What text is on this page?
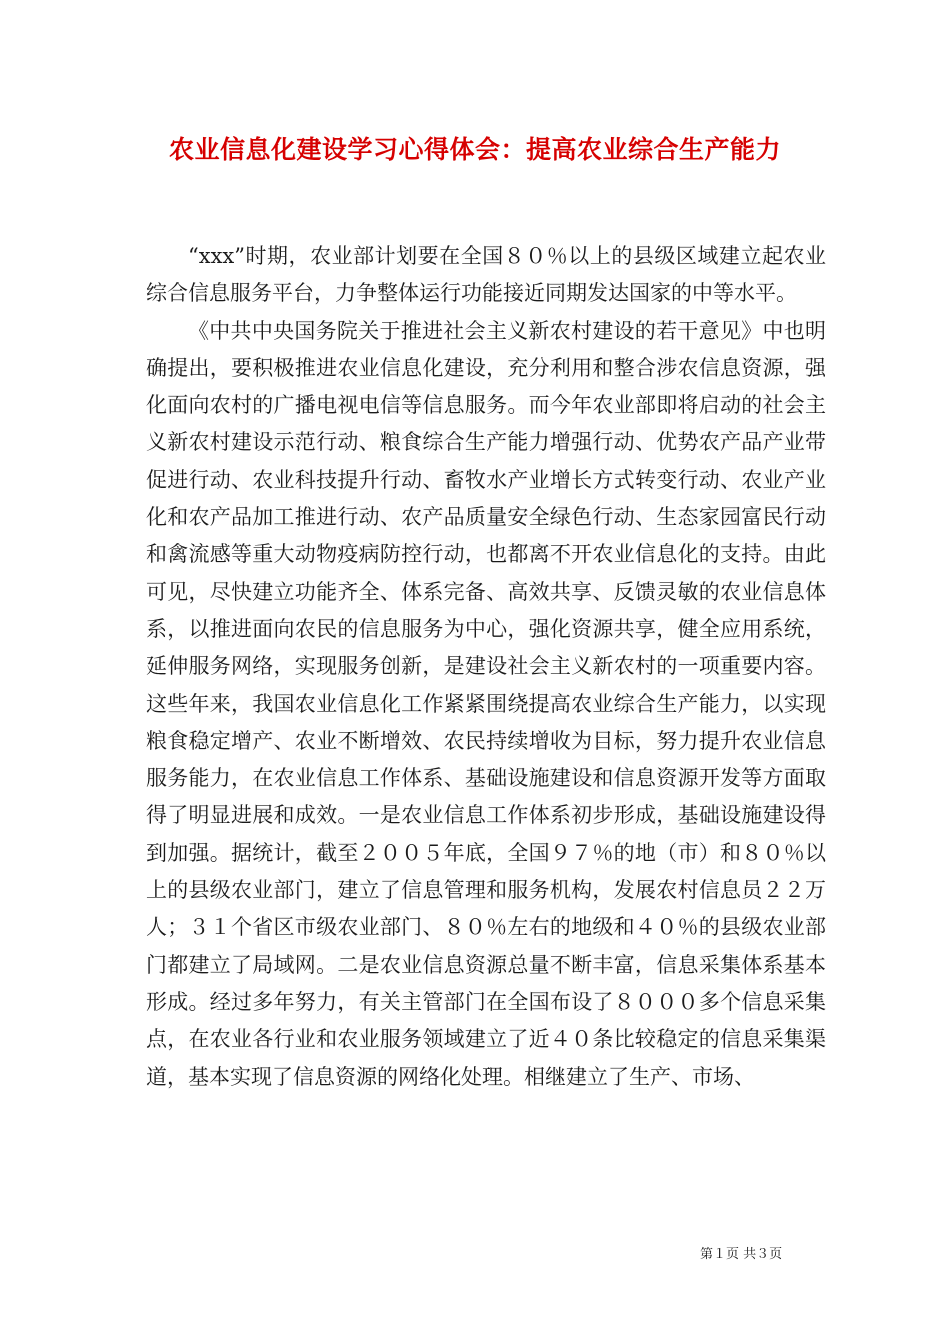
农业信息化建设学习心得体会：提高农业综合生产能力

“xxx”时期，农业部计划要在全国８０％以上的县级区域建立起农业综合信息服务平台，力争整体运行功能接近同期发达国家的中等水平。

《中共中央国务院关于推进社会主义新农村建设的若干意见》中也明确提出，要积极推进农业信息化建设，充分利用和整合涉农信息资源，强化面向农村的广播电视电信等信息服务。而今年农业部即将启动的社会主义新农村建设示范行动、粮食综合生产能力增强行动、优势农产品产业带促进行动、农业科技提升行动、畜牧水产业增长方式转变行动、农业产业化和农产品加工推进行动、农产品质量安全绿色行动、生态家园富民行动和禽流感等重大动物疫病防控行动，也都离不开农业信息化的支持。由此可见，尽快建立功能齐全、体系完备、高效共享、反馈灵敏的农业信息体系，以推进面向农民的信息服务为中心，强化资源共享，健全应用系统，延伸服务网络，实现服务创新，是建设社会主义新农村的一项重要内容。这些年来，我国农业信息化工作紧紧围绕提高农业综合生产能力，以实现粮食稳定增产、农业不断增效、农民持续增收为目标，努力提升农业信息服务能力，在农业信息工作体系、基础设施建设和信息资源开发等方面取得了明显进展和成效。一是农业信息工作体系初步形成，基础设施建设得到加强。据统计，截至２００５年底，全国９７％的地（市）和８０％以上的县级农业部门，建立了信息管理和服务机构，发展农村信息员２２万人；３１个省区市级农业部门、８０％左右的地级和４０％的县级农业部门都建立了局域网。二是农业信息资源总量不断丰富，信息采集体系基本形成。经过多年努力，有关主管部门在全国布设了８０００多个信息采集点，在农业各行业和农业服务领域建立了近４０条比较稳定的信息采集渠道，基本实现了信息资源的网络化处理。相继建立了生产、市场、

第１页 共３页
